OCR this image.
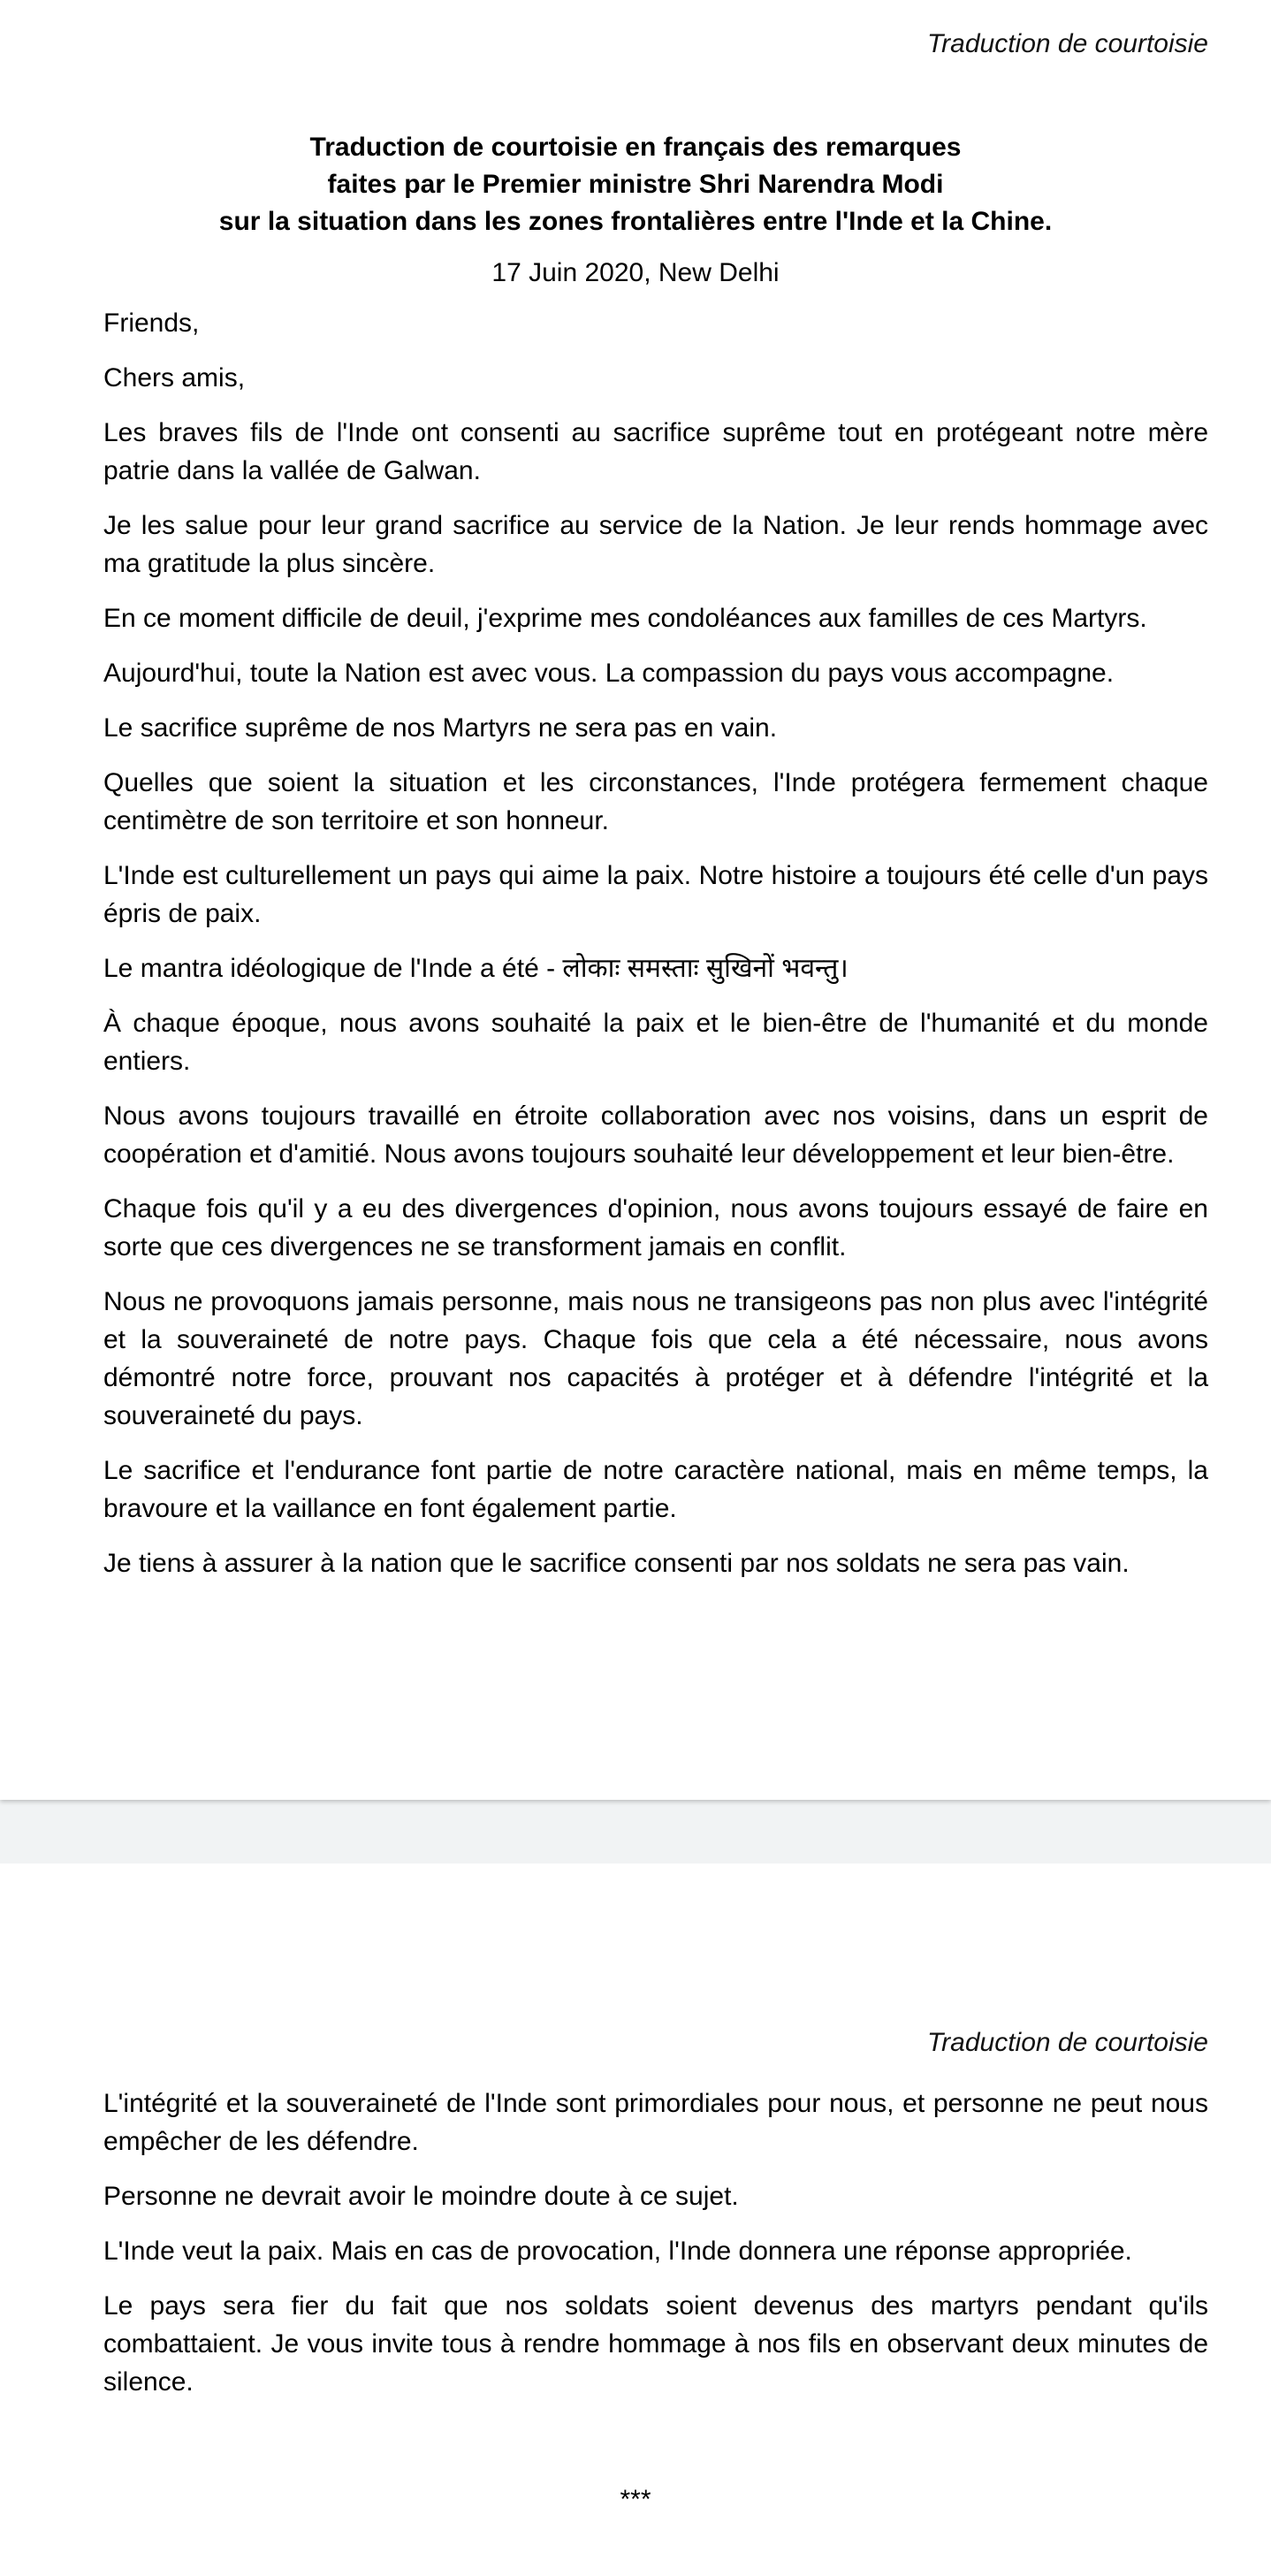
Traduction de courtoisie
Traduction de courtoisie en français des remarques
faites par le Premier ministre Shri Narendra Modi
sur la situation dans les zones frontalières entre l'Inde et la Chine.
17 Juin 2020, New Delhi

Friends,

Chers amis,

Les braves fils de l'Inde ont consenti au sacrifice suprême tout en protégeant notre mère patrie dans la vallée de Galwan.

Je les salue pour leur grand sacrifice au service de la Nation. Je leur rends hommage avec ma gratitude la plus sincère.

En ce moment difficile de deuil, j'exprime mes condoléances aux familles de ces Martyrs.

Aujourd'hui, toute la Nation est avec vous. La compassion du pays vous accompagne.

Le sacrifice suprême de nos Martyrs ne sera pas en vain.

Quelles que soient la situation et les circonstances, l'Inde protégera fermement chaque centimètre de son territoire et son honneur.

L'Inde est culturellement un pays qui aime la paix. Notre histoire a toujours été celle d'un pays épris de paix.

Le mantra idéologique de l'Inde a été - लोकाः समस्ताः सुखिनों भवन्तु।

À chaque époque, nous avons souhaité la paix et le bien-être de l'humanité et du monde entiers.

Nous avons toujours travaillé en étroite collaboration avec nos voisins, dans un esprit de coopération et d'amitié. Nous avons toujours souhaité leur développement et leur bien-être.

Chaque fois qu'il y a eu des divergences d'opinion, nous avons toujours essayé de faire en sorte que ces divergences ne se transforment jamais en conflit.

Nous ne provoquons jamais personne, mais nous ne transigeons pas non plus avec l'intégrité et la souveraineté de notre pays. Chaque fois que cela a été nécessaire, nous avons démontré notre force, prouvant nos capacités à protéger et à défendre l'intégrité et la souveraineté du pays.

Le sacrifice et l'endurance font partie de notre caractère national, mais en même temps, la bravoure et la vaillance en font également partie.

Je tiens à assurer à la nation que le sacrifice consenti par nos soldats ne sera pas vain.

Traduction de courtoisie

L'intégrité et la souveraineté de l'Inde sont primordiales pour nous, et personne ne peut nous empêcher de les défendre.

Personne ne devrait avoir le moindre doute à ce sujet.

L'Inde veut la paix. Mais en cas de provocation, l'Inde donnera une réponse appropriée.

Le pays sera fier du fait que nos soldats soient devenus des martyrs pendant qu'ils combattaient. Je vous invite tous à rendre hommage à nos fils en observant deux minutes de silence.

***
